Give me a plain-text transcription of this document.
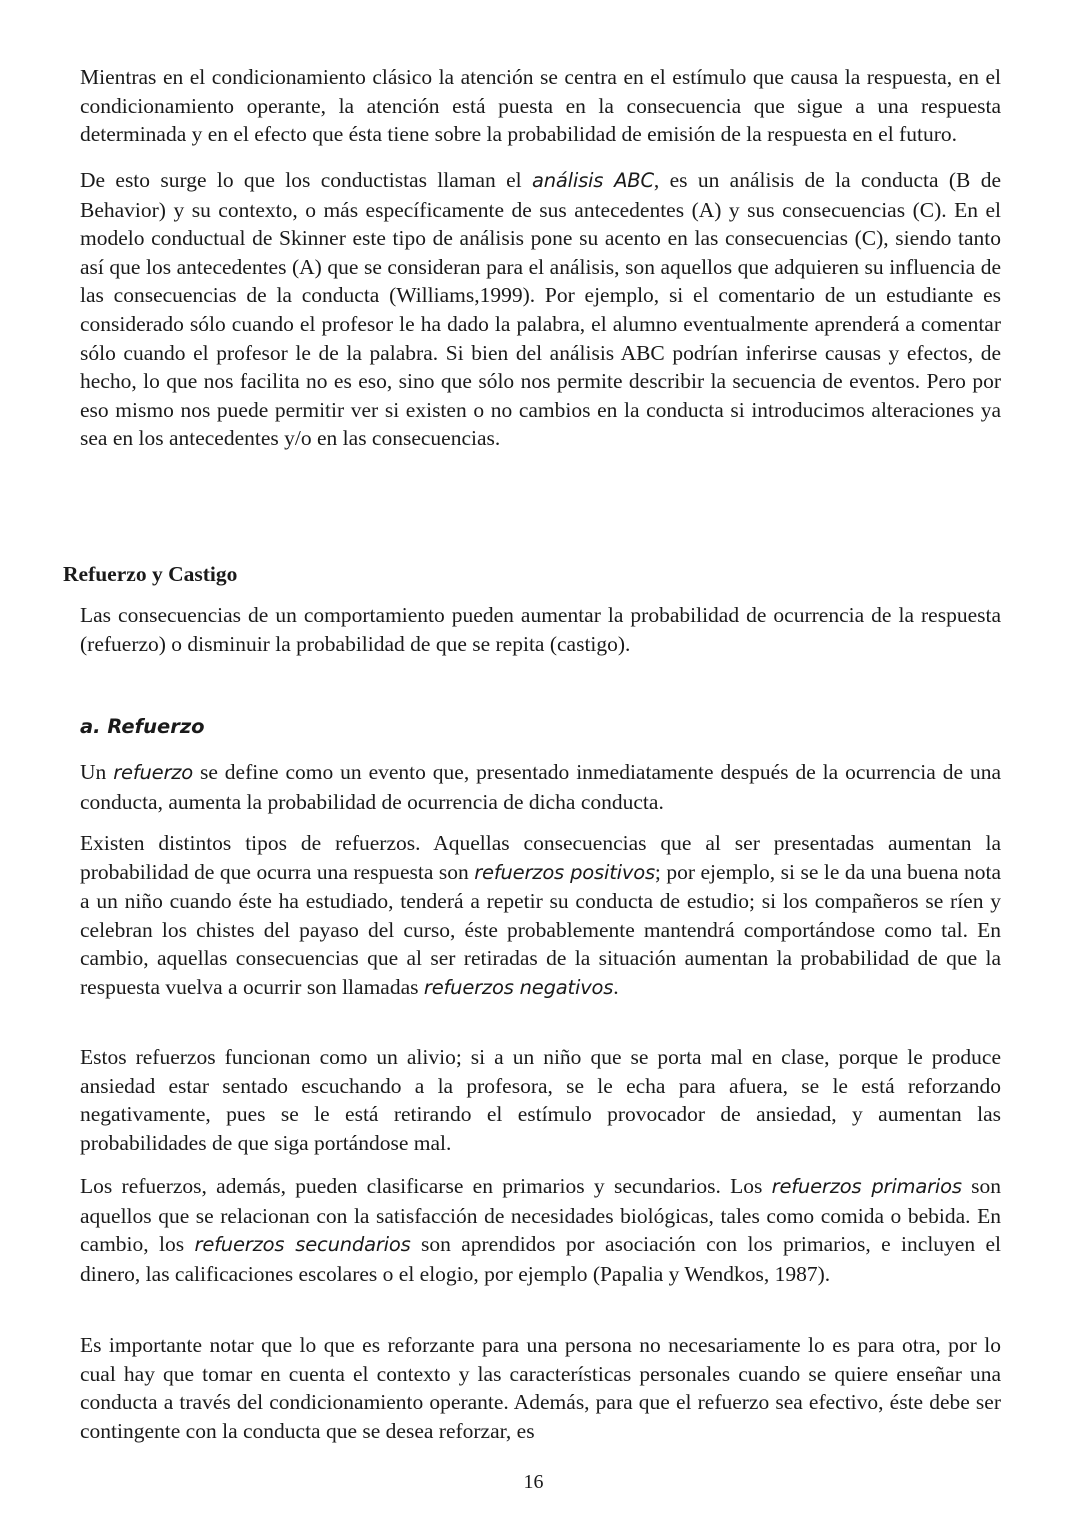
Mientras en el condicionamiento clásico la atención se centra en el estímulo que causa la respuesta, en el condicionamiento operante, la atención está puesta en la consecuencia que sigue a una respuesta determinada y en el efecto que ésta tiene sobre la probabilidad de emisión de la respuesta en el futuro.

De esto surge lo que los conductistas llaman el análisis ABC, es un análisis de la conducta (B de Behavior) y su contexto, o más específicamente de sus antecedentes (A) y sus consecuencias (C). En el modelo conductual de Skinner este tipo de análisis pone su acento en las consecuencias (C), siendo tanto así que los antecedentes (A) que se consideran para el análisis, son aquellos que adquieren su influencia de las consecuencias de la conducta (Williams,1999). Por ejemplo, si el comentario de un estudiante es considerado sólo cuando el profesor le ha dado la palabra, el alumno eventualmente aprenderá a comentar sólo cuando el profesor le de la palabra. Si bien del análisis ABC podrían inferirse causas y efectos, de hecho, lo que nos facilita no es eso, sino que sólo nos permite describir la secuencia de eventos. Pero por eso mismo nos puede permitir ver si existen o no cambios en la conducta si introducimos alteraciones ya sea en los antecedentes y/o en las consecuencias.

Refuerzo y Castigo

Las consecuencias de un comportamiento pueden aumentar la probabilidad de ocurrencia de la respuesta (refuerzo) o disminuir la probabilidad de que se repita (castigo).

a. Refuerzo

Un refuerzo se define como un evento que, presentado inmediatamente después de la ocurrencia de una conducta, aumenta la probabilidad de ocurrencia de dicha conducta.

Existen distintos tipos de refuerzos. Aquellas consecuencias que al ser presentadas aumentan la probabilidad de que ocurra una respuesta son refuerzos positivos; por ejemplo, si se le da una buena nota a un niño cuando éste ha estudiado, tenderá a repetir su conducta de estudio; si los compañeros se ríen y celebran los chistes del payaso del curso, éste probablemente mantendrá comportándose como tal. En cambio, aquellas consecuencias que al ser retiradas de la situación aumentan la probabilidad de que la respuesta vuelva a ocurrir son llamadas refuerzos negativos.

Estos refuerzos funcionan como un alivio; si a un niño que se porta mal en clase, porque le produce ansiedad estar sentado escuchando a la profesora, se le echa para afuera, se le está reforzando negativamente, pues se le está retirando el estímulo provocador de ansiedad, y aumentan las probabilidades de que siga portándose mal.

Los refuerzos, además, pueden clasificarse en primarios y secundarios. Los refuerzos primarios son aquellos que se relacionan con la satisfacción de necesidades biológicas, tales como comida o bebida. En cambio, los refuerzos secundarios son aprendidos por asociación con los primarios, e incluyen el dinero, las calificaciones escolares o el elogio, por ejemplo (Papalia y Wendkos, 1987).

Es importante notar que lo que es reforzante para una persona no necesariamente lo es para otra, por lo cual hay que tomar en cuenta el contexto y las características personales cuando se quiere enseñar una conducta a través del condicionamiento operante. Además, para que el refuerzo sea efectivo, éste debe ser contingente con la conducta que se desea reforzar, es

16
